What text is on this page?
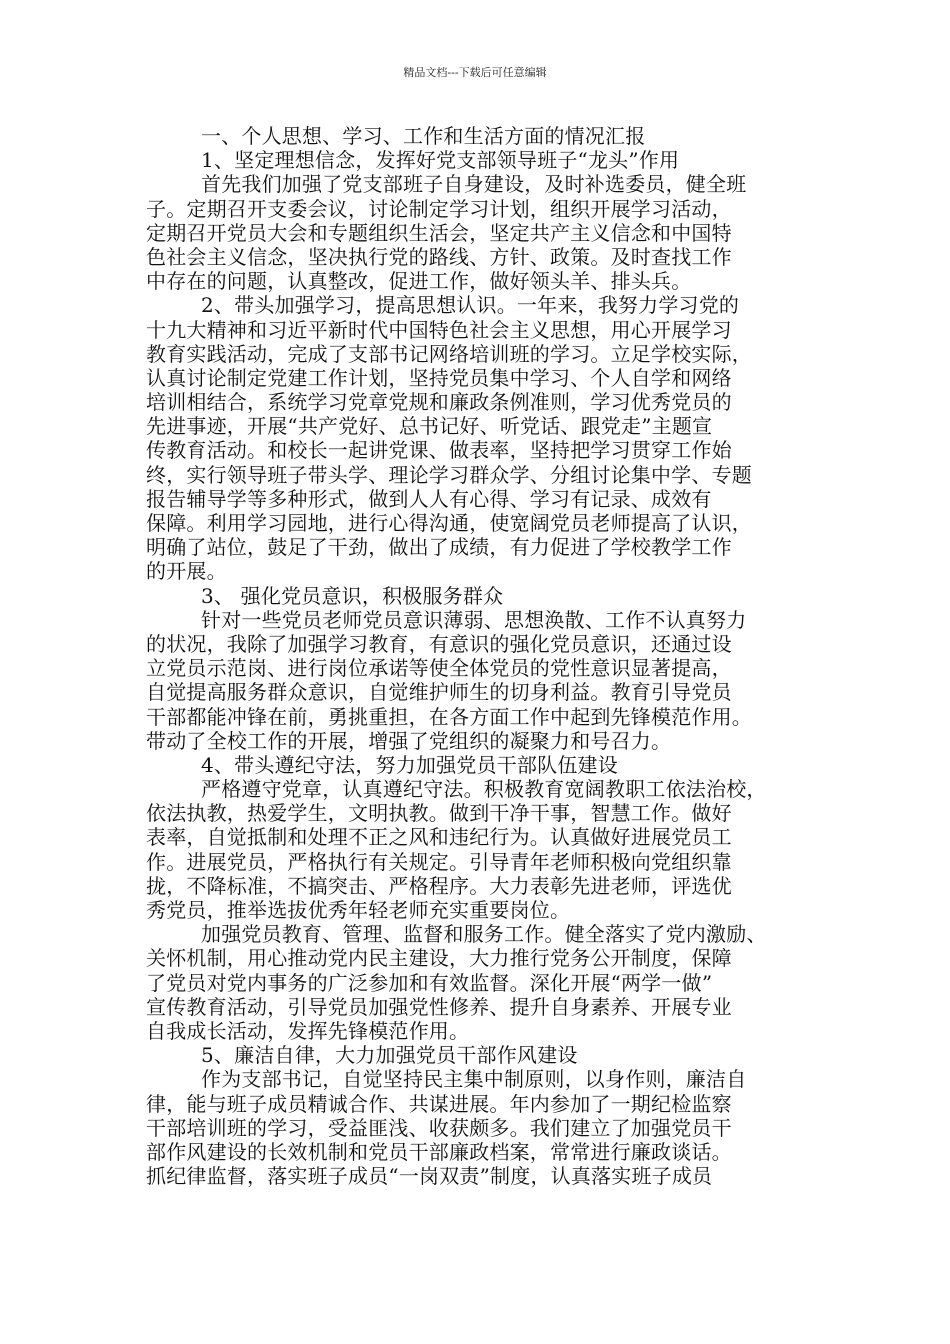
精品文档---下载后可任意编辑
一、个人思想、学习、工作和生活方面的情况汇报
1、坚定理想信念，发挥好党支部领导班子“龙头”作用
首先我们加强了党支部班子自身建设，及时补选委员，健全班
子。定期召开支委会议，讨论制定学习计划，组织开展学习活动，
定期召开党员大会和专题组织生活会，坚定共产主义信念和中国特
色社会主义信念，坚决执行党的路线、方针、政策。及时查找工作
中存在的问题，认真整改，促进工作，做好领头羊、排头兵。
2、带头加强学习，提高思想认识。一年来，我努力学习党的
十九大精神和习近平新时代中国特色社会主义思想，用心开展学习
教育实践活动，完成了支部书记网络培训班的学习。立足学校实际，
认真讨论制定党建工作计划，坚持党员集中学习、个人自学和网络
培训相结合，系统学习党章党规和廉政条例准则，学习优秀党员的
先进事迹，开展“共产党好、总书记好、听党话、跟党走”主题宣
传教育活动。和校长一起讲党课、做表率，坚持把学习贯穿工作始
终，实行领导班子带头学、理论学习群众学、分组讨论集中学、专题
报告辅导学等多种形式，做到人人有心得、学习有记录、成效有
保障。利用学习园地，进行心得沟通，使宽阔党员老师提高了认识，
明确了站位，鼓足了干劲，做出了成绩，有力促进了学校教学工作
的开展。
3、 强化党员意识，积极服务群众
针对一些党员老师党员意识薄弱、思想涣散、工作不认真努力
的状况，我除了加强学习教育，有意识的强化党员意识，还通过设
立党员示范岗、进行岗位承诺等使全体党员的党性意识显著提高，
自觉提高服务群众意识，自觉维护师生的切身利益。教育引导党员
干部都能冲锋在前，勇挑重担，在各方面工作中起到先锋模范作用。
带动了全校工作的开展，增强了党组织的凝聚力和号召力。
4、带头遵纪守法，努力加强党员干部队伍建设
严格遵守党章，认真遵纪守法。积极教育宽阔教职工依法治校，
依法执教，热爱学生，文明执教。做到干净干事，智慧工作。做好
表率，自觉抵制和处理不正之风和违纪行为。认真做好进展党员工
作。进展党员，严格执行有关规定。引导青年老师积极向党组织靠
拢，不降标准，不搞突击、严格程序。大力表彰先进老师，评选优
秀党员，推举选拔优秀年轻老师充实重要岗位。
加强党员教育、管理、监督和服务工作。健全落实了党内激励、
关怀机制，用心推动党内民主建设，大力推行党务公开制度，保障
了党员对党内事务的广泛参加和有效监督。深化开展“两学一做”
宣传教育活动，引导党员加强党性修养、提升自身素养、开展专业
自我成长活动，发挥先锋模范作用。
5、廉洁自律，大力加强党员干部作风建设
作为支部书记，自觉坚持民主集中制原则，以身作则，廉洁自
律，能与班子成员精诚合作、共谋进展。年内参加了一期纪检监察
干部培训班的学习，受益匪浅、收获颇多。我们建立了加强党员干
部作风建设的长效机制和党员干部廉政档案，常常进行廉政谈话。
抓纪律监督，落实班子成员“一岗双责”制度，认真落实班子成员
